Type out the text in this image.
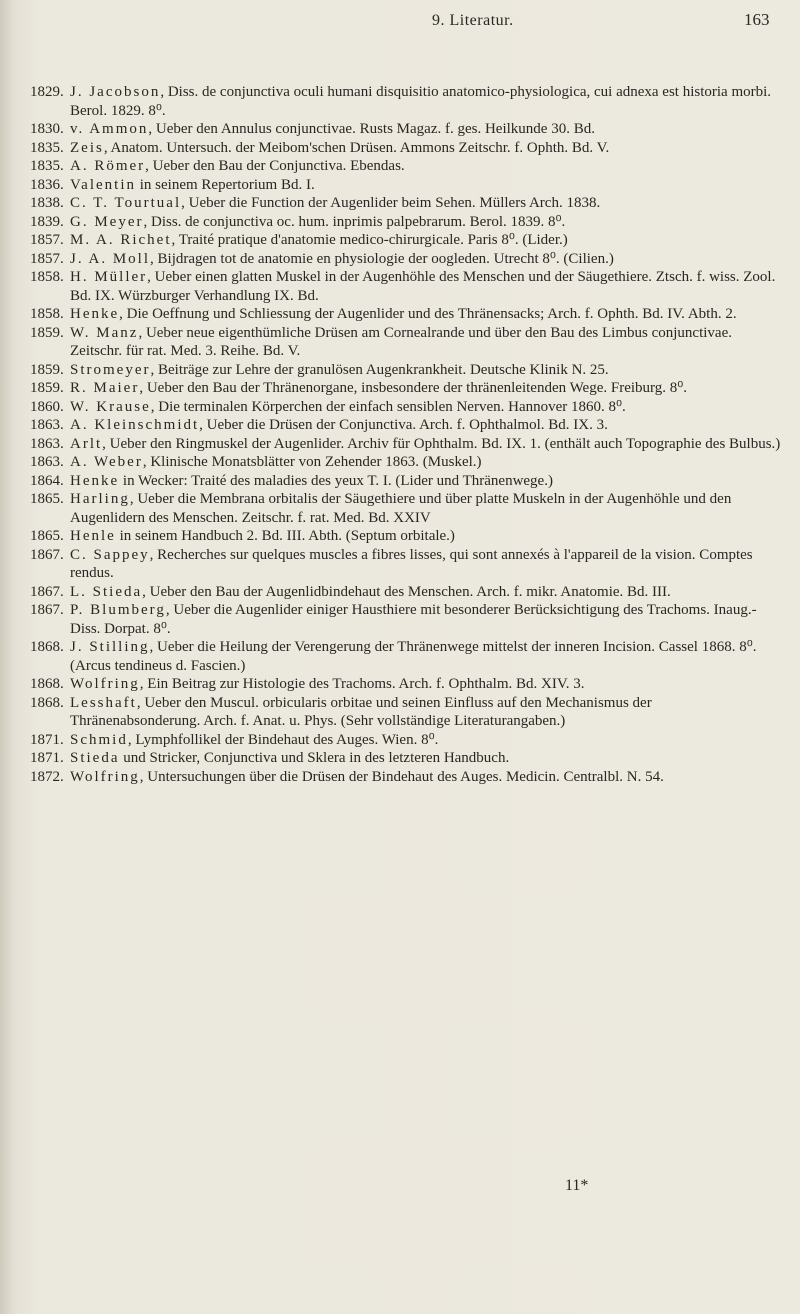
9. Literatur.	163
1829. J. Jacobson, Diss. de conjunctiva oculi humani disquisitio anatomico-physiologica, cui adnexa est historia morbi. Berol. 1829. 8⁰.
1830. v. Ammon, Ueber den Annulus conjunctivae. Rusts Magaz. f. ges. Heilkunde 30. Bd.
1835. Zeis, Anatom. Untersuch. der Meibom'schen Drüsen. Ammons Zeitschr. f. Ophth. Bd. V.
1835. A. Römer, Ueber den Bau der Conjunctiva. Ebendas.
1836. Valentin in seinem Repertorium Bd. I.
1838. C. T. Tourtual, Ueber die Function der Augenlider beim Sehen. Müllers Arch. 1838.
1839. G. Meyer, Diss. de conjunctiva oc. hum. inprimis palpebrarum. Berol. 1839. 8⁰.
1857. M. A. Richet, Traité pratique d'anatomie medico-chirurgicale. Paris 8⁰. (Lider.)
1857. J. A. Moll, Bijdragen tot de anatomie en physiologie der oogleden. Utrecht 8⁰. (Cilien.)
1858. H. Müller, Ueber einen glatten Muskel in der Augenhöhle des Menschen und der Säugethiere. Ztsch. f. wiss. Zool. Bd. IX. Würzburger Verhandlung IX. Bd.
1858. Henke, Die Oeffnung und Schliessung der Augenlider und des Thränensacks; Arch. f. Ophth. Bd. IV. Abth. 2.
1859. W. Manz, Ueber neue eigenthümliche Drüsen am Cornealrande und über den Bau des Limbus conjunctivae. Zeitschr. für rat. Med. 3. Reihe. Bd. V.
1859. Stromeyer, Beiträge zur Lehre der granulösen Augenkrankheit. Deutsche Klinik N. 25.
1859. R. Maier, Ueber den Bau der Thränenorgane, insbesondere der thränenleitenden Wege. Freiburg. 8⁰.
1860. W. Krause, Die terminalen Körperchen der einfach sensiblen Nerven. Hannover 1860. 8⁰.
1863. A. Kleinschmidt, Ueber die Drüsen der Conjunctiva. Arch. f. Ophthalmol. Bd. IX. 3.
1863. Arlt, Ueber den Ringmuskel der Augenlider. Archiv für Ophthalm. Bd. IX. 1. (enthält auch Topographie des Bulbus.)
1863. A. Weber, Klinische Monatsblätter von Zehender 1863. (Muskel.)
1864. Henke in Wecker: Traité des maladies des yeux T. I. (Lider und Thränenwege.)
1865. Harling, Ueber die Membrana orbitalis der Säugethiere und über platte Muskeln in der Augenhöhle und den Augenlidern des Menschen. Zeitschr. f. rat. Med. Bd. XXIV
1865. Henle in seinem Handbuch 2. Bd. III. Abth. (Septum orbitale.)
1867. C. Sappey, Recherches sur quelques muscles a fibres lisses, qui sont annexés à l'appareil de la vision. Comptes rendus.
1867. L. Stieda, Ueber den Bau der Augenlidbindehaut des Menschen. Arch. f. mikr. Anatomie. Bd. III.
1867. P. Blumberg, Ueber die Augenlider einiger Hausthiere mit besonderer Berücksichtigung des Trachoms. Inaug.-Diss. Dorpat. 8⁰.
1868. J. Stilling, Ueber die Heilung der Verengerung der Thränenwege mittelst der inneren Incision. Cassel 1868. 8⁰. (Arcus tendineus d. Fascien.)
1868. Wolfring, Ein Beitrag zur Histologie des Trachoms. Arch. f. Ophthalm. Bd. XIV. 3.
1868. Lesshaft, Ueber den Muscul. orbicularis orbitae und seinen Einfluss auf den Mechanismus der Thränenabsonderung. Arch. f. Anat. u. Phys. (Sehr vollständige Literaturangaben.)
1871. Schmid, Lymphfollikel der Bindehaut des Auges. Wien. 8⁰.
1871. Stieda und Stricker, Conjunctiva und Sklera in des letzteren Handbuch.
1872. Wolfring, Untersuchungen über die Drüsen der Bindehaut des Auges. Medicin. Centralbl. N. 54.
11*
